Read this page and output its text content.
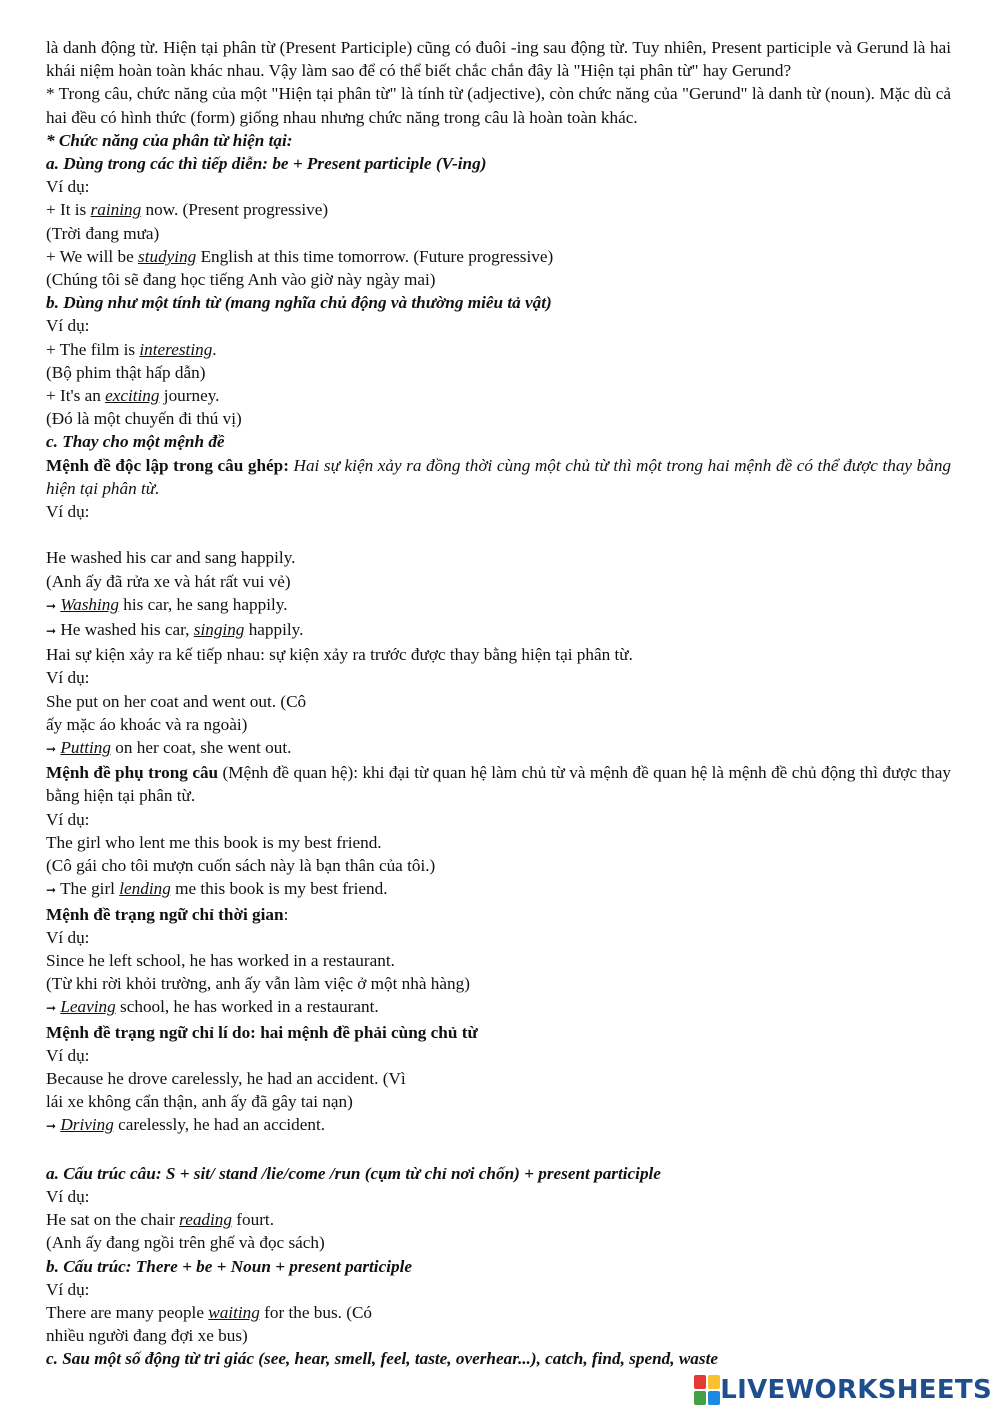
là danh động từ. Hiện tại phân từ (Present Participle) cũng có đuôi -ing sau động từ. Tuy nhiên, Present participle và Gerund là hai khái niệm hoàn toàn khác nhau. Vậy làm sao để có thể biết chắc chắn đây là "Hiện tại phân từ" hay Gerund?

* Trong câu, chức năng của một "Hiện tại phân từ" là tính từ (adjective), còn chức năng của "Gerund" là danh từ (noun). Mặc dù cả hai đều có hình thức (form) giống nhau nhưng chức năng trong câu là hoàn toàn khác.

* Chức năng của phân từ hiện tại:

a. Dùng trong các thì tiếp diễn: be + Present participle (V-ing)

Ví dụ:

+ It is raining now. (Present progressive)

(Trời đang mưa)

+ We will be studying English at this time tomorrow. (Future progressive)

(Chúng tôi sẽ đang học tiếng Anh vào giờ này ngày mai)

b. Dùng như một tính từ (mang nghĩa chủ động và thường miêu tả vật)

Ví dụ:

+ The film is interesting.

(Bộ phim thật hấp dẫn)

+ It's an exciting journey.

(Đó là một chuyến đi thú vị)

c. Thay cho một mệnh đề

Mệnh đề độc lập trong câu ghép: Hai sự kiện xảy ra đồng thời cùng một chủ từ thì một trong hai mệnh đề có thể được thay bằng hiện tại phân từ.

Ví dụ:

He washed his car and sang happily.

(Anh ấy đã rửa xe và hát rất vui vẻ)

➞ Washing his car, he sang happily.

➞ He washed his car, singing happily.

Hai sự kiện xảy ra kế tiếp nhau: sự kiện xảy ra trước được thay bằng hiện tại phân từ.

Ví dụ:

She put on her coat and went out. (Cô

ấy mặc áo khoác và ra ngoài)

➞ Putting on her coat, she went out.

Mệnh đề phụ trong câu (Mệnh đề quan hệ): khi đại từ quan hệ làm chủ từ và mệnh đề quan hệ là mệnh đề chủ động thì được thay bằng hiện tại phân từ.

Ví dụ:

The girl who lent me this book is my best friend.

(Cô gái cho tôi mượn cuốn sách này là bạn thân của tôi.)

➞ The girl lending me this book is my best friend.

Mệnh đề trạng ngữ chỉ thời gian:

Ví dụ:

Since he left school, he has worked in a restaurant.

(Từ khi rời khỏi trường, anh ấy vẫn làm việc ở một nhà hàng)

➞ Leaving school, he has worked in a restaurant.

Mệnh đề trạng ngữ chỉ lí do: hai mệnh đề phải cùng chủ từ

Ví dụ:

Because he drove carelessly, he had an accident. (Vì

lái xe không cẩn thận, anh ấy đã gây tai nạn)

➞ Driving carelessly, he had an accident.

a. Cấu trúc câu: S + sit/ stand /lie/come /run (cụm từ chỉ nơi chốn) + present participle

Ví dụ:

He sat on the chair reading fourt.

(Anh ấy đang ngồi trên ghế và đọc sách)

b. Cấu trúc: There + be + Noun + present participle

Ví dụ:

There are many people waiting for the bus. (Có

nhiều người đang đợi xe bus)

c. Sau một số động từ tri giác (see, hear, smell, feel, taste, overhear...), catch, find, spend, waste

LIVEWORKSHEETS
